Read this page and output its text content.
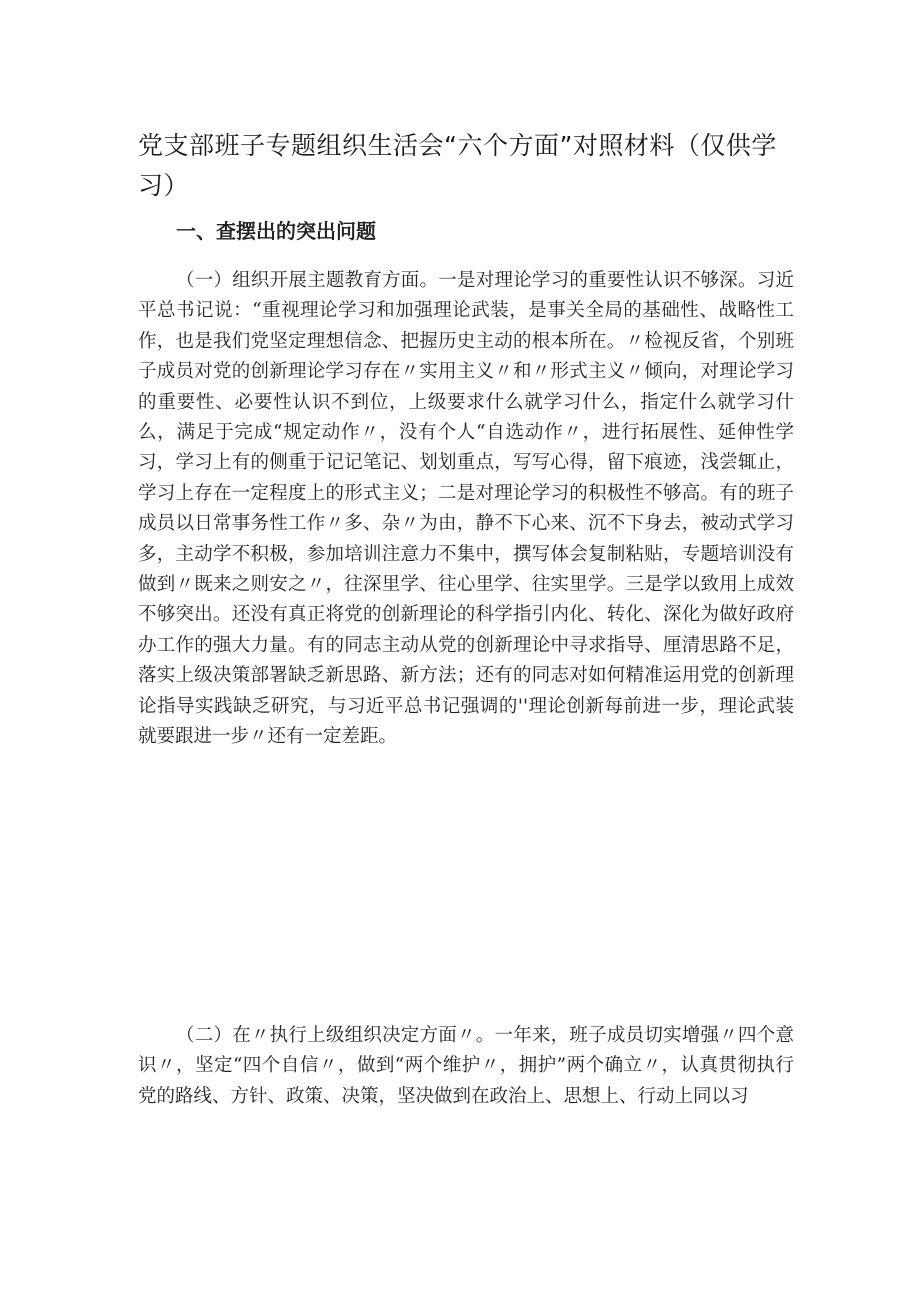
党支部班子专题组织生活会“六个方面”对照材料（仅供学习）
一、查摆出的突出问题

（一）组织开展主题教育方面。一是对理论学习的重要性认识不够深。习近平总书记说：“重视理论学习和加强理论武装，是事关全局的基础性、战略性工作，也是我们党坚定理想信念、把握历史主动的根本所在。〃检视反省，个别班子成员对党的创新理论学习存在〃实用主义〃和〃形式主义〃倾向，对理论学习的重要性、必要性认识不到位，上级要求什么就学习什么，指定什么就学习什么，满足于完成“规定动作〃，没有个人“自选动作〃，进行拓展性、延伸性学习，学习上有的侧重于记记笔记、划划重点，写写心得，留下痕迹，浅尝辄止，学习上存在一定程度上的形式主义；二是对理论学习的积极性不够高。有的班子成员以日常事务性工作〃多、杂〃为由，静不下心来、沉不下身去，被动式学习多，主动学不积极，参加培训注意力不集中，撰写体会复制粘贴，专题培训没有做到〃既来之则安之〃，往深里学、往心里学、往实里学。三是学以致用上成效不够突出。还没有真正将党的创新理论的科学指引内化、转化、深化为做好政府办工作的强大力量。有的同志主动从党的创新理论中寻求指导、厘清思路不足，落实上级决策部署缺乏新思路、新方法；还有的同志对如何精准运用党的创新理论指导实践缺乏研究，与习近平总书记强调的''理论创新每前进一步，理论武装就要跟进一步〃还有一定差距。

（二）在〃执行上级组织决定方面〃。一年来，班子成员切实增强〃四个意识〃，坚定“四个自信〃，做到“两个维护〃，拥护”两个确立〃，认真贯彻执行党的路线、方针、政策、决策，坚决做到在政治上、思想上、行动上同以习
